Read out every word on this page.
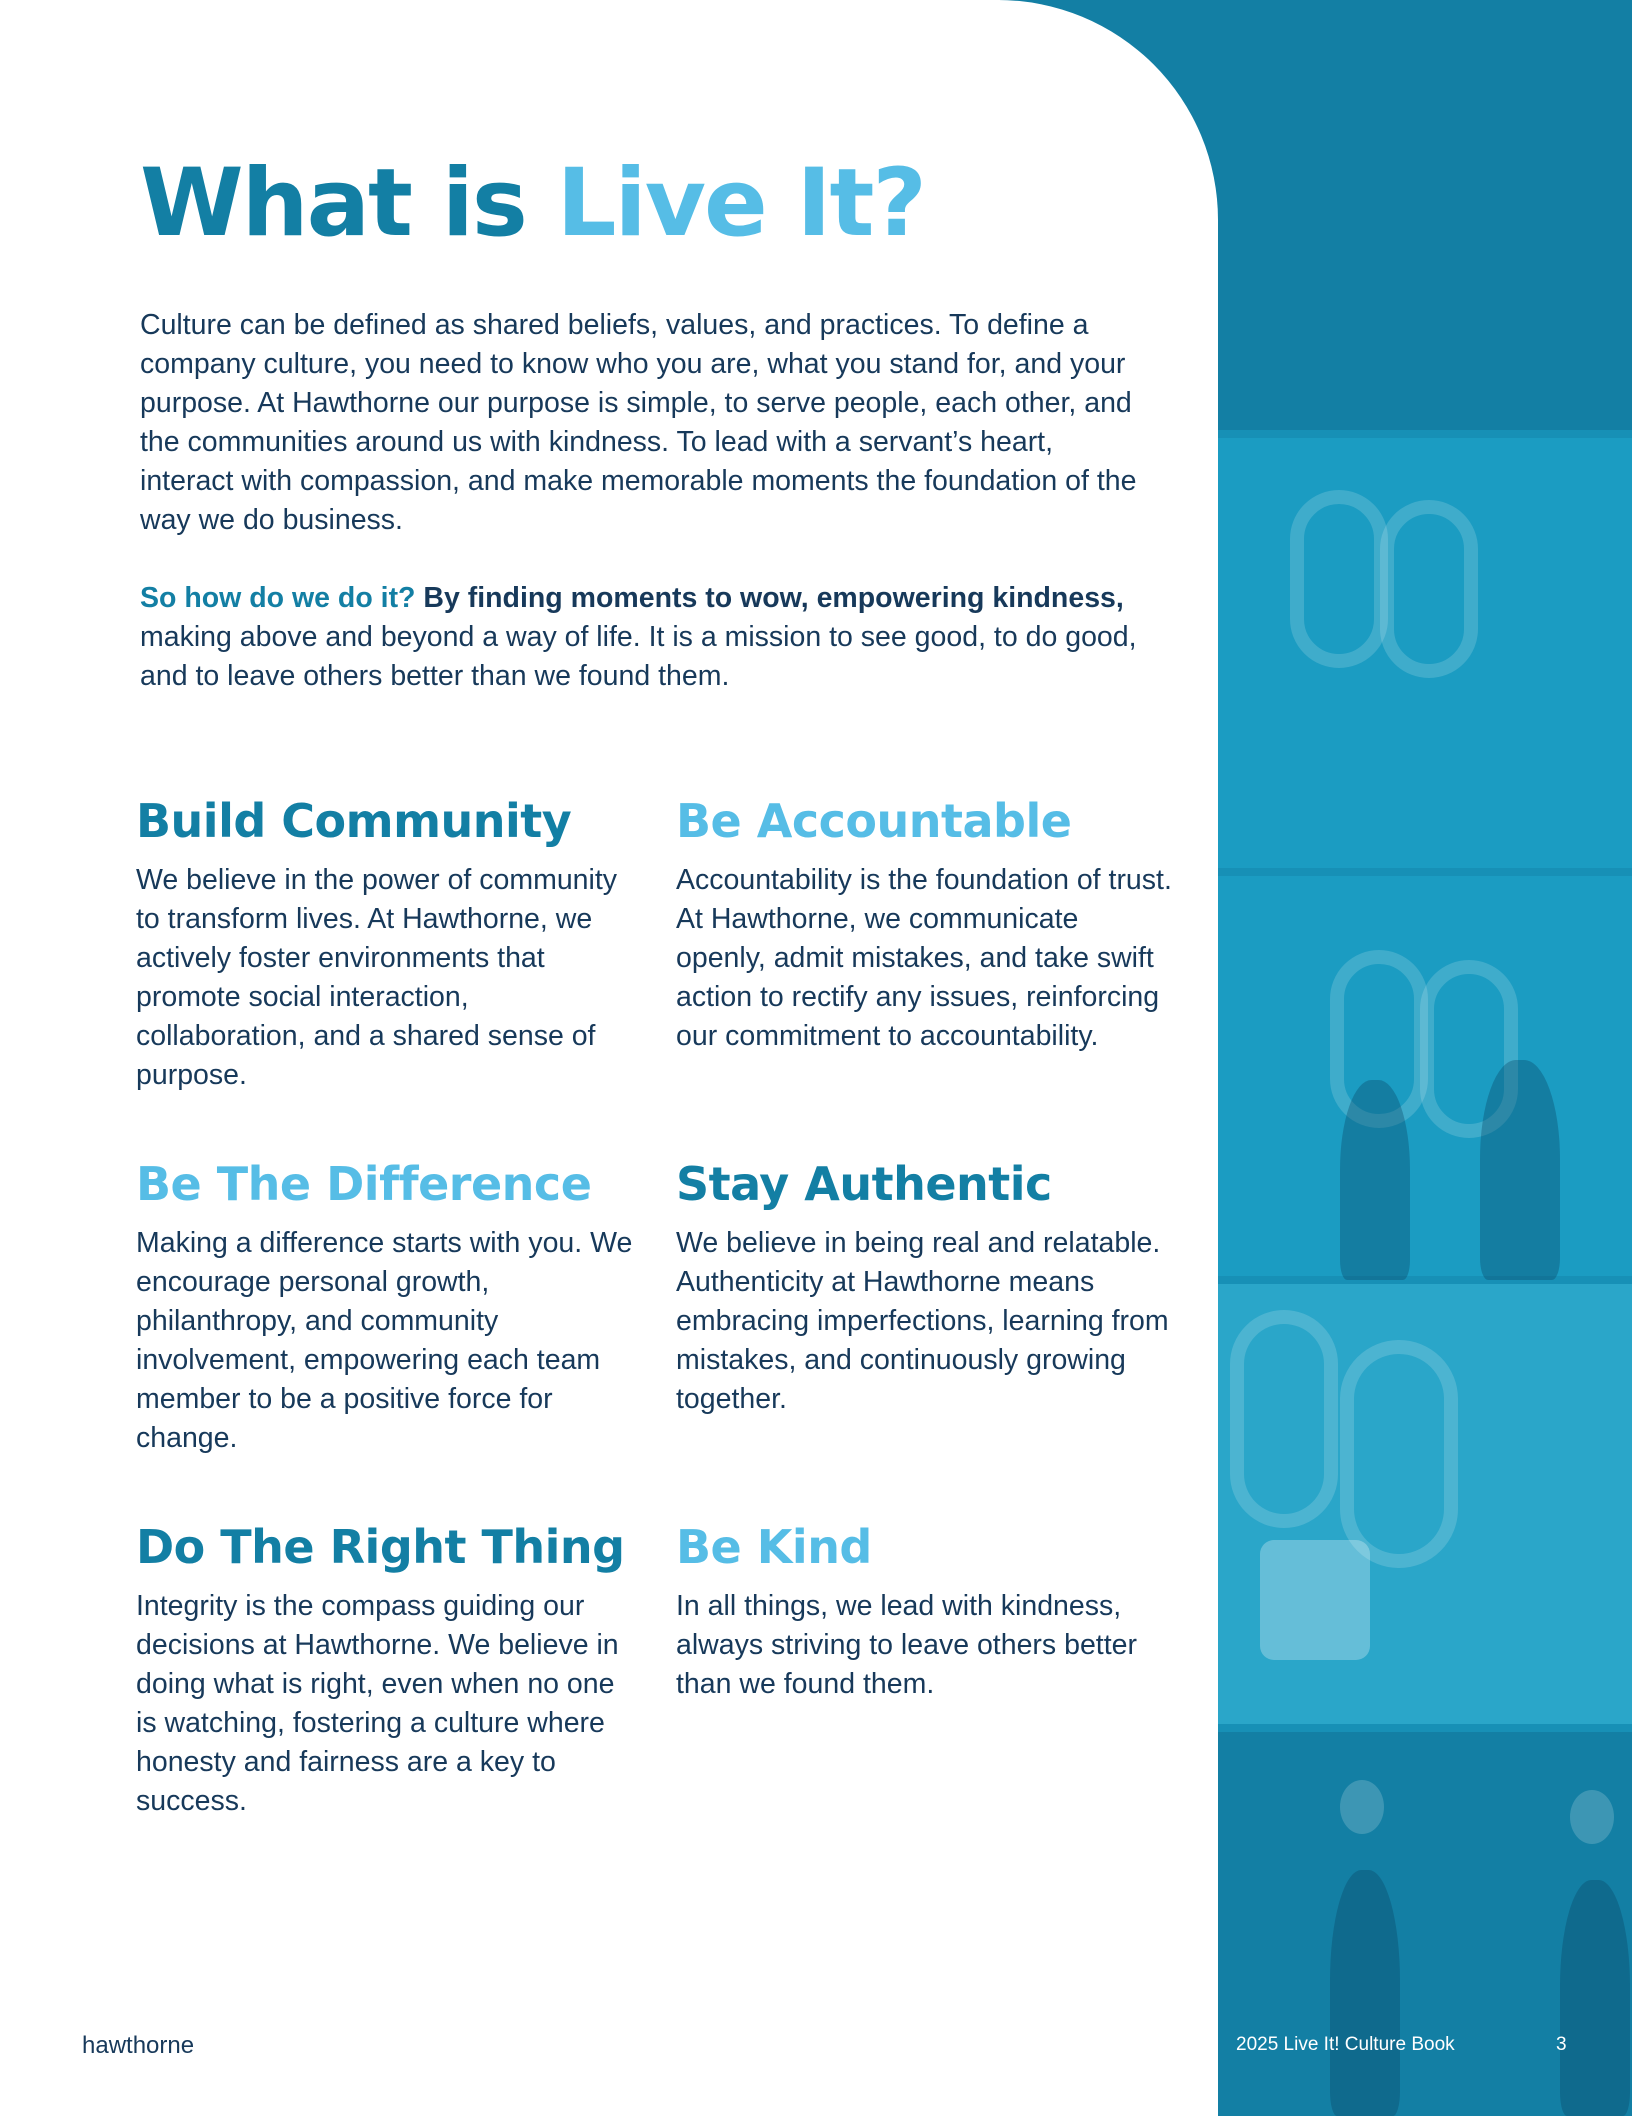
What is Live It?

Culture can be defined as shared beliefs, values, and practices. To define a company culture, you need to know who you are, what you stand for, and your purpose. At Hawthorne our purpose is simple, to serve people, each other, and the communities around us with kindness. To lead with a servant’s heart, interact with compassion, and make memorable moments the foundation of the way we do business.

So how do we do it? By finding moments to wow, empowering kindness, making above and beyond a way of life. It is a mission to see good, to do good, and to leave others better than we found them.

Build Community

We believe in the power of community to transform lives. At Hawthorne, we actively foster environments that promote social interaction, collaboration, and a shared sense of purpose.

Be Accountable

Accountability is the foundation of trust. At Hawthorne, we communicate openly, admit mistakes, and take swift action to rectify any issues, reinforcing our commitment to accountability.

Be The Difference

Making a difference starts with you. We encourage personal growth, philanthropy, and community involvement, empowering each team member to be a positive force for change.

Stay Authentic

We believe in being real and relatable. Authenticity at Hawthorne means embracing imperfections, learning from mistakes, and continuously growing together.

Do The Right Thing

Integrity is the compass guiding our decisions at Hawthorne. We believe in doing what is right, even when no one is watching, fostering a culture where honesty and fairness are a key to success.

Be Kind

In all things, we lead with kindness, always striving to leave others better than we found them.

hawthorne	2025 Live It! Culture Book	3
